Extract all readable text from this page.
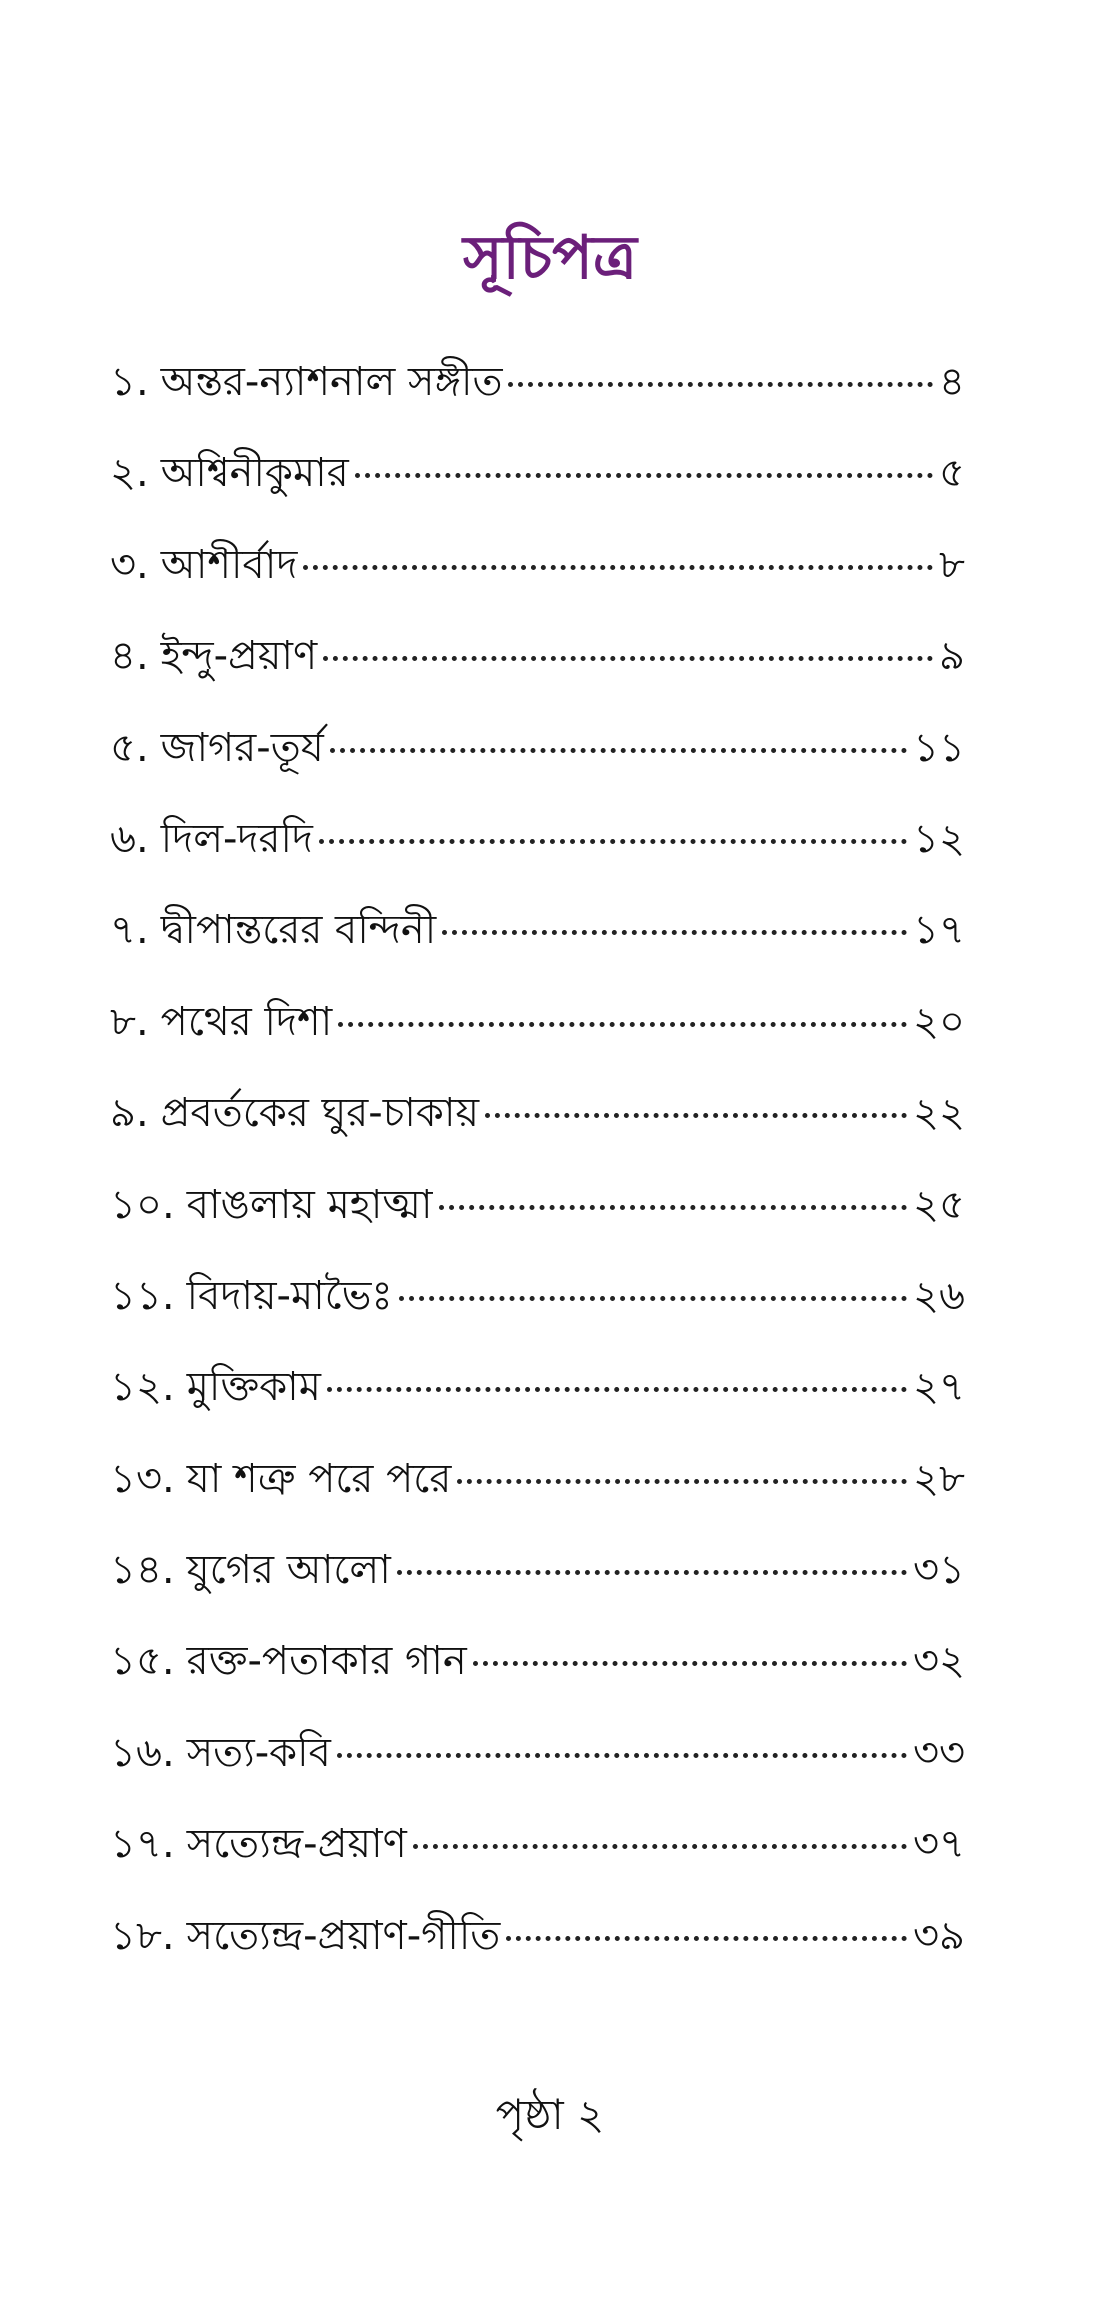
সূচিপত্র
১. অন্তর-ন্যাশনাল সঙ্গীত	৪
২. অশ্বিনীকুমার	৫
৩. আশীর্বাদ	৮
৪. ইন্দু-প্রয়াণ	৯
৫. জাগর-তূর্য	১১
৬. দিল-দরদি	১২
৭. দ্বীপান্তরের বন্দিনী	১৭
৮. পথের দিশা	২০
৯. প্রবর্তকের ঘুর-চাকায়	২২
১০. বাঙলায় মহাত্মা	২৫
১১. বিদায়-মাভৈঃ	২৬
১২. মুক্তিকাম	২৭
১৩. যা শত্রু পরে পরে	২৮
১৪. যুগের আলো	৩১
১৫. রক্ত-পতাকার গান	৩২
১৬. সত্য-কবি	৩৩
১৭. সত্যেন্দ্র-প্রয়াণ	৩৭
১৮. সত্যেন্দ্র-প্রয়াণ-গীতি	৩৯

পৃষ্ঠা ২
